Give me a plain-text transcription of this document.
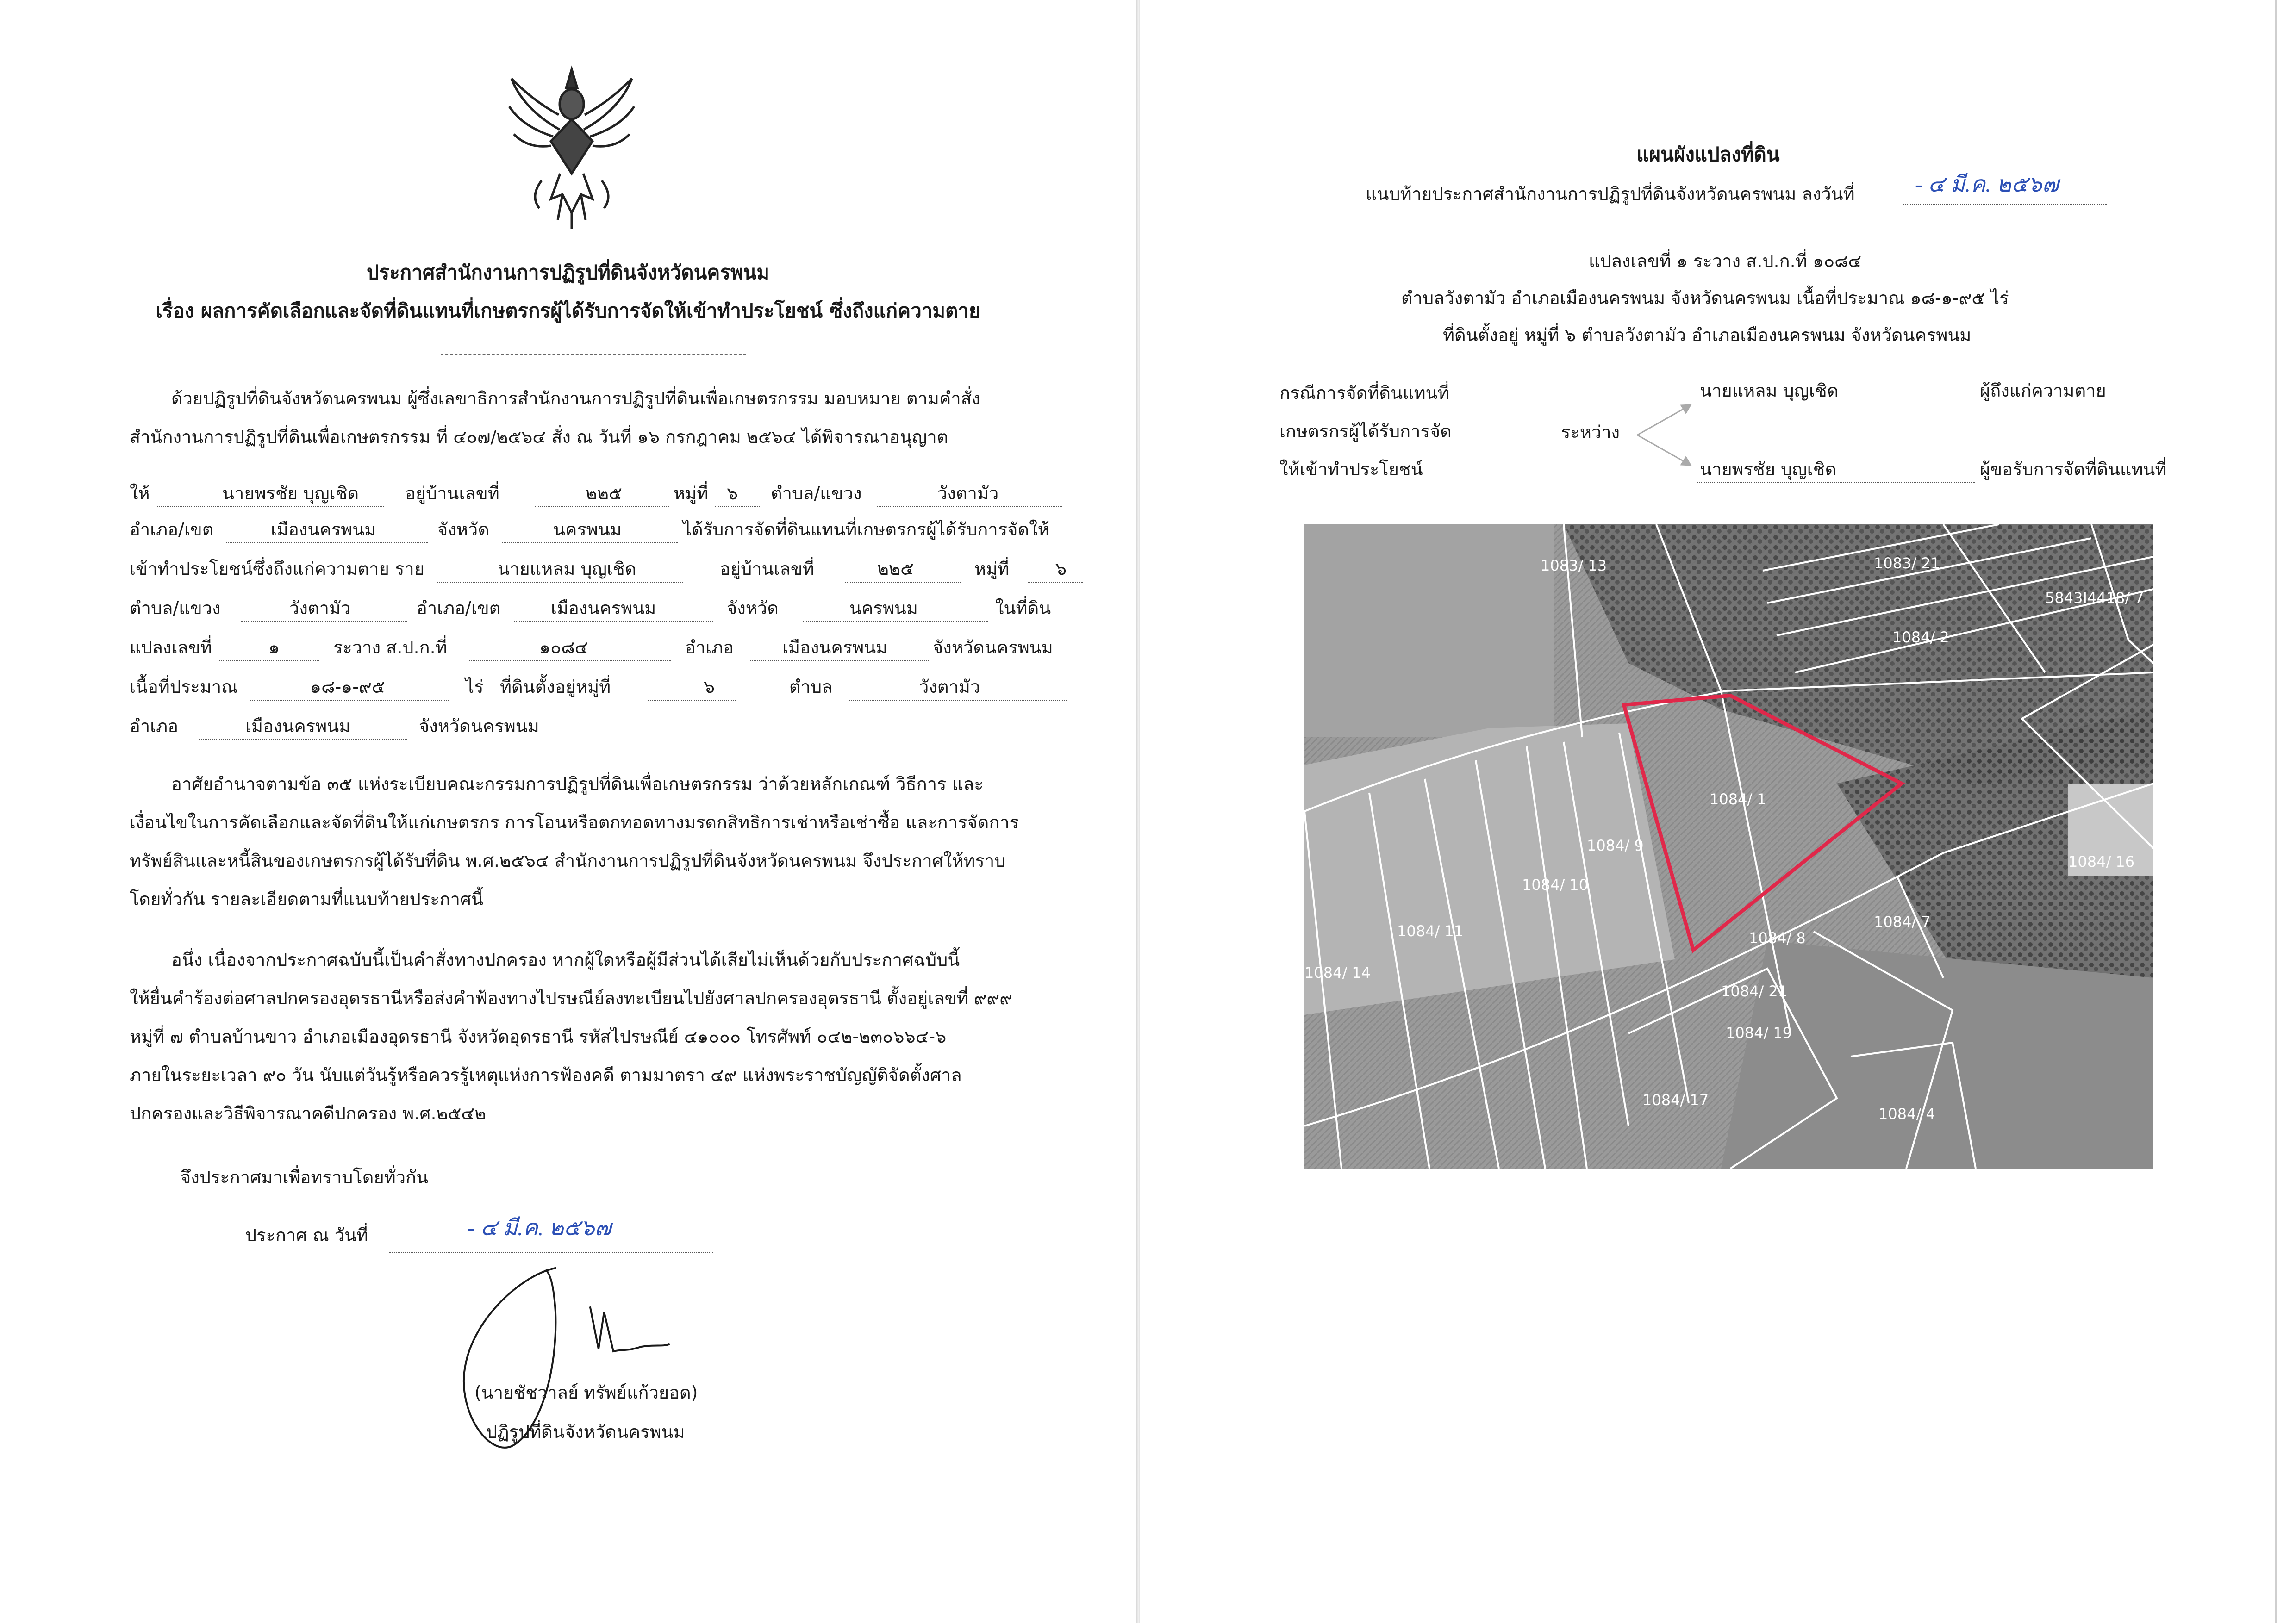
ประกาศสำนักงานการปฏิรูปที่ดินจังหวัดนครพนม
เรื่อง ผลการคัดเลือกและจัดที่ดินแทนที่เกษตรกรผู้ได้รับการจัดให้เข้าทำประโยชน์ ซึ่งถึงแก่ความตาย
ด้วยปฏิรูปที่ดินจังหวัดนครพนม ผู้ซึ่งเลขาธิการสำนักงานการปฏิรูปที่ดินเพื่อเกษตรกรรม มอบหมาย ตามคำสั่ง
สำนักงานการปฏิรูปที่ดินเพื่อเกษตรกรรม ที่ ๔๐๗/๒๕๖๔ สั่ง ณ วันที่ ๑๖ กรกฎาคม ๒๕๖๔ ได้พิจารณาอนุญาต
ให้	นายพรชัย บุญเชิด	อยู่บ้านเลขที่	๒๒๕	หมู่ที่ ๖ ตำบล/แขวง	วังตามัว
อำเภอ/เขต	เมืองนครพนม	จังหวัด	นครพนม	ได้รับการจัดที่ดินแทนที่เกษตรกรผู้ได้รับการจัดให้
เข้าทำประโยชน์ซึ่งถึงแก่ความตาย ราย	นายแหลม บุญเชิด	อยู่บ้านเลขที่	๒๒๕	หมู่ที่	๖
ตำบล/แขวง	วังตามัว	อำเภอ/เขต	เมืองนครพนม	จังหวัด	นครพนม	ในที่ดิน
แปลงเลขที่	๑	ระวาง ส.ป.ก.ที่	๑๐๘๔	อำเภอ	เมืองนครพนม	จังหวัดนครพนม
เนื้อที่ประมาณ	๑๘-๑-๙๕	ไร่ ที่ดินตั้งอยู่หมู่ที่	๖	ตำบล	วังตามัว
อำเภอ	เมืองนครพนม	จังหวัดนครพนม
อาศัยอำนาจตามข้อ ๓๕ แห่งระเบียบคณะกรรมการปฏิรูปที่ดินเพื่อเกษตรกรรม ว่าด้วยหลักเกณฑ์ วิธีการ และ
เงื่อนไขในการคัดเลือกและจัดที่ดินให้แก่เกษตรกร การโอนหรือตกทอดทางมรดกสิทธิการเช่าหรือเช่าซื้อ และการจัดการ
ทรัพย์สินและหนี้สินของเกษตรกรผู้ได้รับที่ดิน พ.ศ.๒๕๖๔ สำนักงานการปฏิรูปที่ดินจังหวัดนครพนม จึงประกาศให้ทราบ
โดยทั่วกัน รายละเอียดตามที่แนบท้ายประกาศนี้
อนึ่ง เนื่องจากประกาศฉบับนี้เป็นคำสั่งทางปกครอง หากผู้ใดหรือผู้มีส่วนได้เสียไม่เห็นด้วยกับประกาศฉบับนี้
ให้ยื่นคำร้องต่อศาลปกครองอุดรธานีหรือส่งคำฟ้องทางไปรษณีย์ลงทะเบียนไปยังศาลปกครองอุดรธานี ตั้งอยู่เลขที่ ๙๙๙
หมู่ที่ ๗ ตำบลบ้านขาว อำเภอเมืองอุดรธานี จังหวัดอุดรธานี รหัสไปรษณีย์ ๔๑๐๐๐ โทรศัพท์ ๐๔๒-๒๓๐๖๖๔-๖
ภายในระยะเวลา ๙๐ วัน นับแต่วันรู้หรือควรรู้เหตุแห่งการฟ้องคดี ตามมาตรา ๔๙ แห่งพระราชบัญญัติจัดตั้งศาล
ปกครองและวิธีพิจารณาคดีปกครอง พ.ศ.๒๕๔๒
จึงประกาศมาเพื่อทราบโดยทั่วกัน
ประกาศ ณ วันที่	- ๔ มี.ค. ๒๕๖๗
(นายชัชวาลย์ ทรัพย์แก้วยอด)
ปฏิรูปที่ดินจังหวัดนครพนม
แผนผังแปลงที่ดิน
แนบท้ายประกาศสำนักงานการปฏิรูปที่ดินจังหวัดนครพนม ลงวันที่	- ๔ มี.ค. ๒๕๖๗
แปลงเลขที่ ๑ ระวาง ส.ป.ก.ที่ ๑๐๘๔
ตำบลวังตามัว อำเภอเมืองนครพนม จังหวัดนครพนม เนื้อที่ประมาณ ๑๘-๑-๙๕ ไร่
ที่ดินตั้งอยู่ หมู่ที่ ๖ ตำบลวังตามัว อำเภอเมืองนครพนม จังหวัดนครพนม
กรณีการจัดที่ดินแทนที่
เกษตรกรผู้ได้รับการจัด
ให้เข้าทำประโยชน์
ระหว่าง
นายแหลม บุญเชิด	ผู้ถึงแก่ความตาย
นายพรชัย บุญเชิด	ผู้ขอรับการจัดที่ดินแทนที่
1083/ 13	1083/ 21
5843I4418/ 7
1084/ 2
1084/ 1
1084/ 9
1084/ 10
1084/ 11
1084/ 14
1084/ 16
1084/ 7
1084/ 8
1084/ 21
1084/ 19
1084/ 17
1084/ 4
